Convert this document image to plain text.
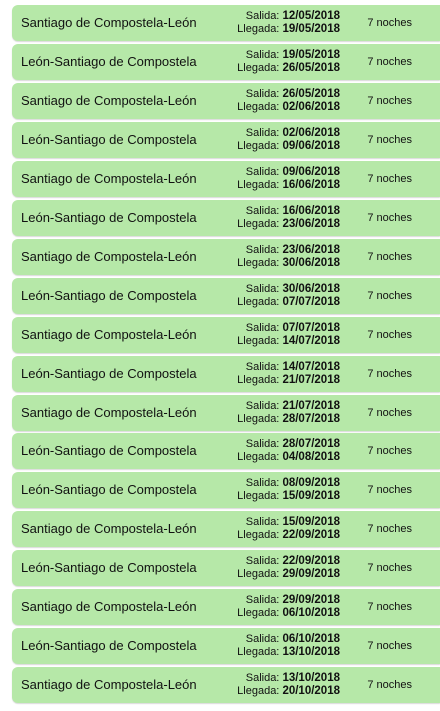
Santiago de Compostela-León	Salida: 12/05/2018
Llegada: 19/05/2018 7 noches
León-Santiago de Compostela	Salida: 19/05/2018
Llegada: 26/05/2018 7 noches
Santiago de Compostela-León	Salida: 26/05/2018
Llegada: 02/06/2018 7 noches
León-Santiago de Compostela	Salida: 02/06/2018
Llegada: 09/06/2018 7 noches
Santiago de Compostela-León	Salida: 09/06/2018
Llegada: 16/06/2018 7 noches
León-Santiago de Compostela	Salida: 16/06/2018
Llegada: 23/06/2018 7 noches
Santiago de Compostela-León	Salida: 23/06/2018
Llegada: 30/06/2018 7 noches
León-Santiago de Compostela	Salida: 30/06/2018
Llegada: 07/07/2018 7 noches
Santiago de Compostela-León	Salida: 07/07/2018
Llegada: 14/07/2018 7 noches
León-Santiago de Compostela	Salida: 14/07/2018
Llegada: 21/07/2018 7 noches
Santiago de Compostela-León	Salida: 21/07/2018
Llegada: 28/07/2018 7 noches
León-Santiago de Compostela	Salida: 28/07/2018
Llegada: 04/08/2018 7 noches
León-Santiago de Compostela	Salida: 08/09/2018
Llegada: 15/09/2018 7 noches
Santiago de Compostela-León	Salida: 15/09/2018
Llegada: 22/09/2018 7 noches
León-Santiago de Compostela	Salida: 22/09/2018
Llegada: 29/09/2018 7 noches
Santiago de Compostela-León	Salida: 29/09/2018
Llegada: 06/10/2018 7 noches
León-Santiago de Compostela	Salida: 06/10/2018
Llegada: 13/10/2018 7 noches
Santiago de Compostela-León	Salida: 13/10/2018
Llegada: 20/10/2018 7 noches
